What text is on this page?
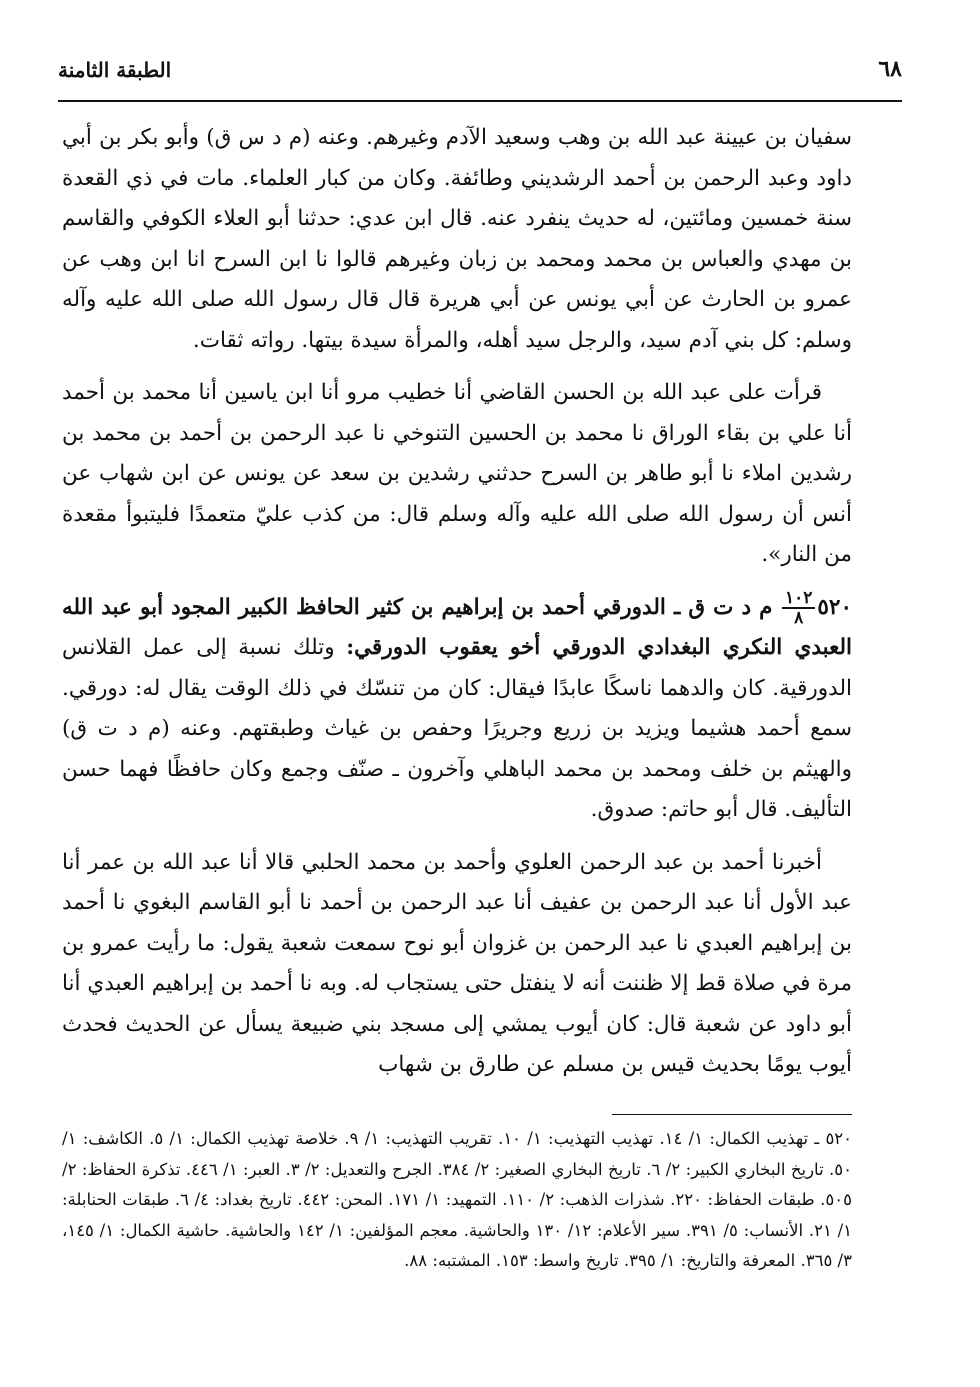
٦٨
الطبقة الثامنة

سفيان بن عيينة عبد الله بن وهب وسعيد الآدم وغيرهم. وعنه (م د س ق) وأبو بكر بن أبي داود وعبد الرحمن بن أحمد الرشديني وطائفة. وكان من كبار العلماء. مات في ذي القعدة سنة خمسين ومائتين، له حديث ينفرد عنه. قال ابن عدي: حدثنا أبو العلاء الكوفي والقاسم بن مهدي والعباس بن محمد ومحمد بن زبان وغيرهم قالوا نا ابن السرح انا ابن وهب عن عمرو بن الحارث عن أبي يونس عن أبي هريرة قال قال رسول الله صلى الله عليه وآله وسلم: كل بني آدم سيد، والرجل سيد أهله، والمرأة سيدة بيتها. رواته ثقات.

قرأت على عبد الله بن الحسن القاضي أنا خطيب مرو أنا ابن ياسين أنا محمد بن أحمد أنا علي بن بقاء الوراق نا محمد بن الحسين التنوخي نا عبد الرحمن بن أحمد بن محمد بن رشدين املاء نا أبو طاهر بن السرح حدثني رشدين بن سعد عن يونس عن ابن شهاب عن أنس أن رسول الله صلى الله عليه وآله وسلم قال: من كذب عليّ متعمدًا فليتبوأ مقعدة من النار».

٥٢٠
$\frac{١٠٢}{٨}$
م د ت ق ـ الدورقي أحمد بن إبراهيم بن كثير الحافظ الكبير المجود أبو عبد الله العبدي النكري البغدادي الدورقي أخو يعقوب الدورقي: وتلك نسبة إلى عمل القلانس الدورقية. كان والدهما ناسكًا عابدًا فيقال: كان من تنسّك في ذلك الوقت يقال له: دورقي. سمع أحمد هشيما ويزيد بن زريع وجريرًا وحفص بن غياث وطبقتهم. وعنه (م د ت ق) والهيثم بن خلف ومحمد بن محمد الباهلي وآخرون ـ صنّف وجمع وكان حافظًا فهما حسن التأليف. قال أبو حاتم: صدوق.

أخبرنا أحمد بن عبد الرحمن العلوي وأحمد بن محمد الحلبي قالا أنا عبد الله بن عمر أنا عبد الأول أنا عبد الرحمن بن عفيف أنا عبد الرحمن بن أحمد نا أبو القاسم البغوي نا أحمد بن إبراهيم العبدي نا عبد الرحمن بن غزوان أبو نوح سمعت شعبة يقول: ما رأيت عمرو بن مرة في صلاة قط إلا ظننت أنه لا ينفتل حتى يستجاب له. وبه نا أحمد بن إبراهيم العبدي أنا أبو داود عن شعبة قال: كان أيوب يمشي إلى مسجد بني ضبيعة يسأل عن الحديث فحدث أيوب يومًا بحديث قيس بن مسلم عن طارق بن شهاب

٥٢٠ ـ تهذيب الكمال: ١/ ١٤. تهذيب التهذيب: ١/ ١٠. تقريب التهذيب: ١/ ٩. خلاصة تهذيب الكمال: ١/ ٥. الكاشف: ١/ ٥٠. تاريخ البخاري الكبير: ٢/ ٦. تاريخ البخاري الصغير: ٢/ ٣٨٤. الجرح والتعديل: ٢/ ٣. العبر: ١/ ٤٤٦. تذكرة الحفاظ: ٢/ ٥٠٥. طبقات الحفاظ: ٢٢٠. شذرات الذهب: ٢/ ١١٠. التمهيد: ١/ ١٧١. المحن: ٤٤٢. تاريخ بغداد: ٤/ ٦. طبقات الحنابلة: ١/ ٢١. الأنساب: ٥/ ٣٩١. سير الأعلام: ١٢/ ١٣٠ والحاشية. معجم المؤلفين: ١/ ١٤٢ والحاشية. حاشية الكمال: ١/ ١٤٥، ٣/ ٣٦٥. المعرفة والتاريخ: ١/ ٣٩٥. تاريخ واسط: ١٥٣. المشتبه: ٨٨.
